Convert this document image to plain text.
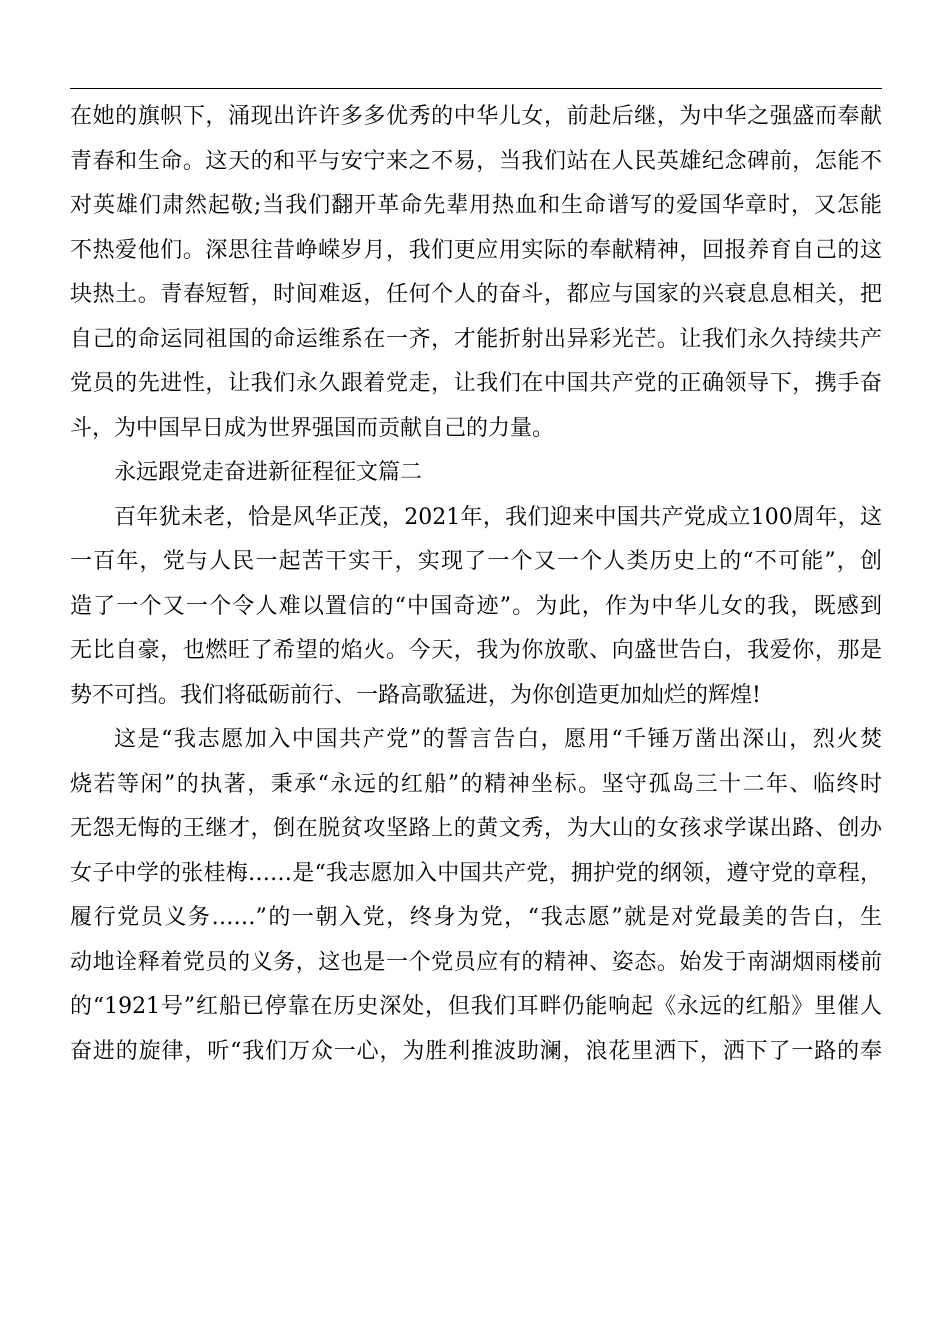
在她的旗帜下，涌现出许许多多优秀的中华儿女，前赴后继，为中华之强盛而奉献
青春和生命。这天的和平与安宁来之不易，当我们站在人民英雄纪念碑前，怎能不
对英雄们肃然起敬;当我们翻开革命先辈用热血和生命谱写的爱国华章时，又怎能
不热爱他们。深思往昔峥嵘岁月，我们更应用实际的奉献精神，回报养育自己的这
块热土。青春短暂，时间难返，任何个人的奋斗，都应与国家的兴衰息息相关，把
自己的命运同祖国的命运维系在一齐，才能折射出异彩光芒。让我们永久持续共产
党员的先进性，让我们永久跟着党走，让我们在中国共产党的正确领导下，携手奋
斗，为中国早日成为世界强国而贡献自己的力量。
永远跟党走奋进新征程征文篇二
百年犹未老，恰是风华正茂，2021年，我们迎来中国共产党成立100周年，这
一百年，党与人民一起苦干实干，实现了一个又一个人类历史上的“不可能”，创
造了一个又一个令人难以置信的“中国奇迹”。为此，作为中华儿女的我，既感到
无比自豪，也燃旺了希望的焰火。今天，我为你放歌、向盛世告白，我爱你，那是
势不可挡。我们将砥砺前行、一路高歌猛进，为你创造更加灿烂的辉煌!
这是“我志愿加入中国共产党”的誓言告白，愿用“千锤万凿出深山，烈火焚
烧若等闲”的执著，秉承“永远的红船”的精神坐标。坚守孤岛三十二年、临终时
无怨无悔的王继才，倒在脱贫攻坚路上的黄文秀，为大山的女孩求学谋出路、创办
女子中学的张桂梅……是“我志愿加入中国共产党，拥护党的纲领，遵守党的章程，
履行党员义务……”的一朝入党，终身为党，“我志愿”就是对党最美的告白，生
动地诠释着党员的义务，这也是一个党员应有的精神、姿态。始发于南湖烟雨楼前
的“1921号”红船已停靠在历史深处，但我们耳畔仍能响起《永远的红船》里催人
奋进的旋律，听“我们万众一心，为胜利推波助澜，浪花里洒下，洒下了一路的奉
